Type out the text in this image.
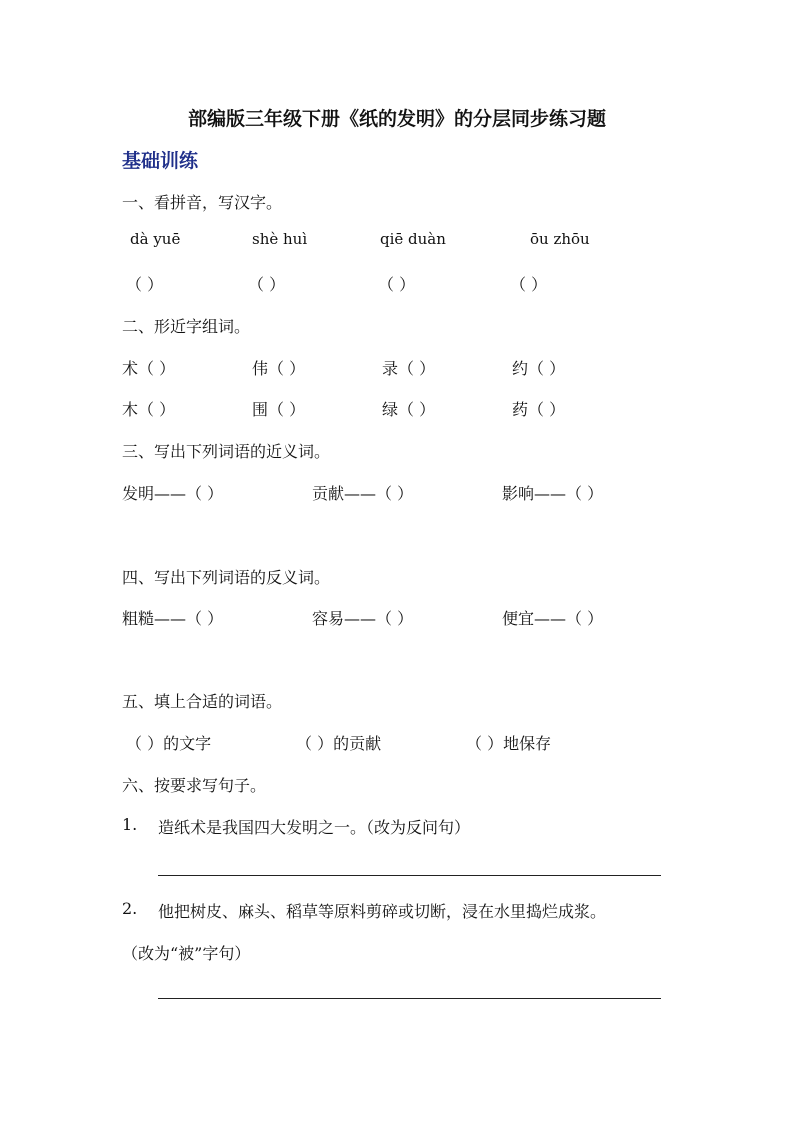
部编版三年级下册《纸的发明》的分层同步练习题
基础训练
一、看拼音，写汉字。
dà yuē	shè huì	qiē duàn	ōu zhōu
（ ）	（ ）	（ ）	（ ）
二、形近字组词。
术（ ）	伟（ ）	录（ ）	约（ ）
木（ ）	围（ ）	绿（ ）	药（ ）
三、写出下列词语的近义词。
发明——（ ）	贡献——（ ）	影响——（ ）
四、写出下列词语的反义词。
粗糙——（ ）	容易——（ ）	便宜——（ ）
五、填上合适的词语。
（ ）的文字	（ ）的贡献	（ ）地保存
六、按要求写句子。
1. 造纸术是我国四大发明之一。（改为反问句）
2. 他把树皮、麻头、稻草等原料剪碎或切断，浸在水里捣烂成浆。
（改为“被”字句）
